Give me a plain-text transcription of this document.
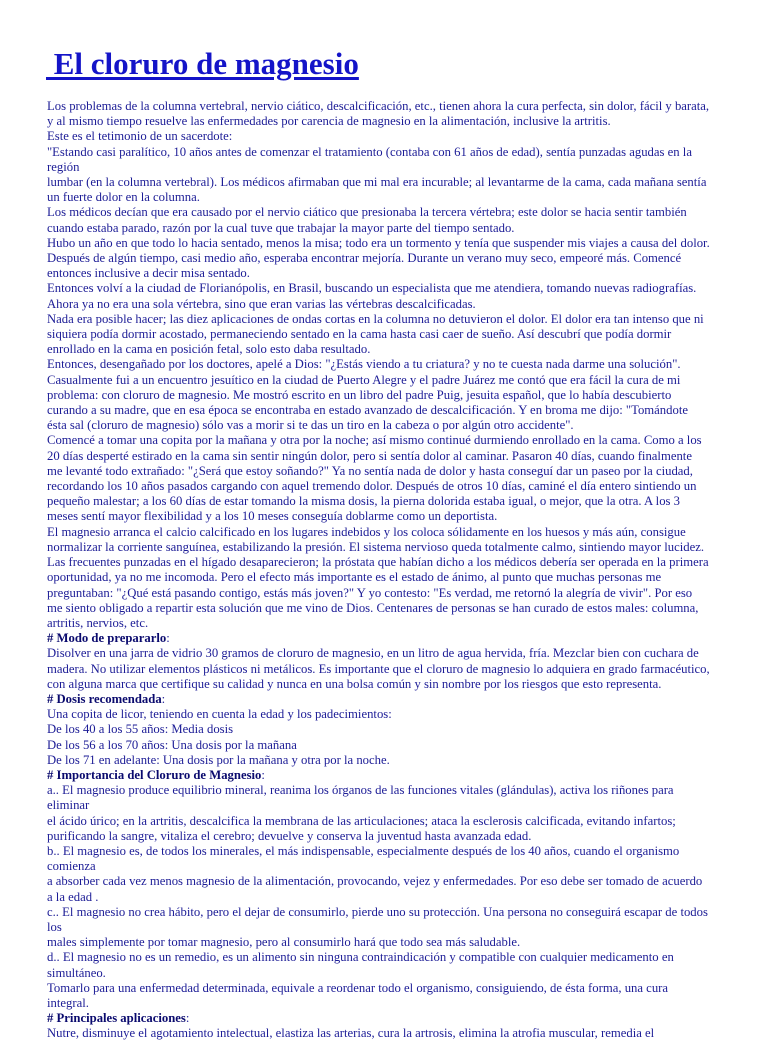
El cloruro de magnesio
Los problemas de la columna vertebral, nervio ciático, descalcificación, etc., tienen ahora la cura perfecta, sin dolor, fácil y barata,
y al mismo tiempo resuelve las enfermedades por carencia de magnesio en la alimentación, inclusive la artritis.
Este es el tetimonio de un sacerdote:
"Estando casi paralítico, 10 años antes de comenzar el tratamiento (contaba con 61 años de edad), sentía punzadas agudas en la
región
lumbar (en la columna vertebral). Los médicos afirmaban que mi mal era incurable; al levantarme de la cama, cada mañana sentía
un fuerte dolor en la columna.
Los médicos decían que era causado por el nervio ciático que presionaba la tercera vértebra; este dolor se hacia sentir también
cuando estaba parado, razón por la cual tuve que trabajar la mayor parte del tiempo sentado.
Hubo un año en que todo lo hacia sentado, menos la misa; todo era un tormento y tenía que suspender mis viajes a causa del dolor.
Después de algún tiempo, casi medio año, esperaba encontrar mejoría. Durante un verano muy seco, empeoré más. Comencé
entonces inclusive a decir misa sentado.
Entonces volví a la ciudad de Florianópolis, en Brasil, buscando un especialista que me atendiera, tomando nuevas radiografías.
Ahora ya no era una sola vértebra, sino que eran varias las vértebras descalcificadas.
Nada era posible hacer; las diez aplicaciones de ondas cortas en la columna no detuvieron el dolor. El dolor era tan intenso que ni
siquiera podía dormir acostado, permaneciendo sentado en la cama hasta casi caer de sueño. Así descubrí que podía dormir
enrollado en la cama en posición fetal, solo esto daba resultado.
Entonces, desengañado por los doctores, apelé a Dios: "¿Estás viendo a tu criatura? y no te cuesta nada darme una solución".
Casualmente fui a un encuentro jesuítico en la ciudad de Puerto Alegre y el padre Juárez me contó que era fácil la cura de mi
problema: con cloruro de magnesio. Me mostró escrito en un libro del padre Puig, jesuita español, que lo había descubierto
curando a su madre, que en esa época se encontraba en estado avanzado de descalcificación. Y en broma me dijo: "Tomándote
ésta sal (cloruro de magnesio) sólo vas a morir si te das un tiro en la cabeza o por algún otro accidente".
Comencé a tomar una copita por la mañana y otra por la noche; así mismo continué durmiendo enrollado en la cama. Como a los
20 días desperté estirado en la cama sin sentir ningún dolor, pero si sentía dolor al caminar. Pasaron 40 días, cuando finalmente
me levanté todo extrañado: "¿Será que estoy soñando?" Ya no sentía nada de dolor y hasta conseguí dar un paseo por la ciudad,
recordando los 10 años pasados cargando con aquel tremendo dolor. Después de otros 10 días, caminé el día entero sintiendo un
pequeño malestar; a los 60 días de estar tomando la misma dosis, la pierna dolorida estaba igual, o mejor, que la otra. A los 3
meses sentí mayor flexibilidad y a los 10 meses conseguía doblarme como un deportista.
El magnesio arranca el calcio calcificado en los lugares indebidos y los coloca sólidamente en los huesos y más aún, consigue
normalizar la corriente sanguínea, estabilizando la presión. El sistema nervioso queda totalmente calmo, sintiendo mayor lucidez.
Las frecuentes punzadas en el hígado desaparecieron; la próstata que habían dicho a los médicos debería ser operada en la primera
oportunidad, ya no me incomoda. Pero el efecto más importante es el estado de ánimo, al punto que muchas personas me
preguntaban: "¿Qué está pasando contigo, estás más joven?" Y yo contesto: "Es verdad, me retornó la alegría de vivir". Por eso
me siento obligado a repartir esta solución que me vino de Dios. Centenares de personas se han curado de estos males: columna,
artritis, nervios, etc.
# Modo de prepararlo:
Disolver en una jarra de vidrio 30 gramos de cloruro de magnesio, en un litro de agua hervida, fría. Mezclar bien con cuchara de
madera. No utilizar elementos plásticos ni metálicos. Es importante que el cloruro de magnesio lo adquiera en grado farmacéutico,
con alguna marca que certifique su calidad y nunca en una bolsa común y sin nombre por los riesgos que esto representa.
# Dosis recomendada:
Una copita de licor, teniendo en cuenta la edad y los padecimientos:
De los 40 a los 55 años: Media dosis
De los 56 a los 70 años: Una dosis por la mañana
De los 71 en adelante: Una dosis por la mañana y otra por la noche.
# Importancia del Cloruro de Magnesio:
a.. El magnesio produce equilibrio mineral, reanima los órganos de las funciones vitales (glándulas), activa los riñones para
eliminar
el ácido úrico; en la artritis, descalcifica la membrana de las articulaciones; ataca la esclerosis calcificada, evitando infartos;
purificando la sangre, vitaliza el cerebro; devuelve y conserva la juventud hasta avanzada edad.
b.. El magnesio es, de todos los minerales, el más indispensable, especialmente después de los 40 años, cuando el organismo
comienza
a absorber cada vez menos magnesio de la alimentación, provocando, vejez y enfermedades. Por eso debe ser tomado de acuerdo
a la edad .
c.. El magnesio no crea hábito, pero el dejar de consumirlo, pierde uno su protección. Una persona no conseguirá escapar de todos
los
males simplemente por tomar magnesio, pero al consumirlo hará que todo sea más saludable.
d.. El magnesio no es un remedio, es un alimento sin ninguna contraindicación y compatible con cualquier medicamento en
simultáneo.
Tomarlo para una enfermedad determinada, equivale a reordenar todo el organismo, consiguiendo, de ésta forma, una cura
integral.
# Principales aplicaciones:
Nutre, disminuye el agotamiento intelectual, elastiza las arterias, cura la artrosis, elimina la atrofia muscular, remedia el
